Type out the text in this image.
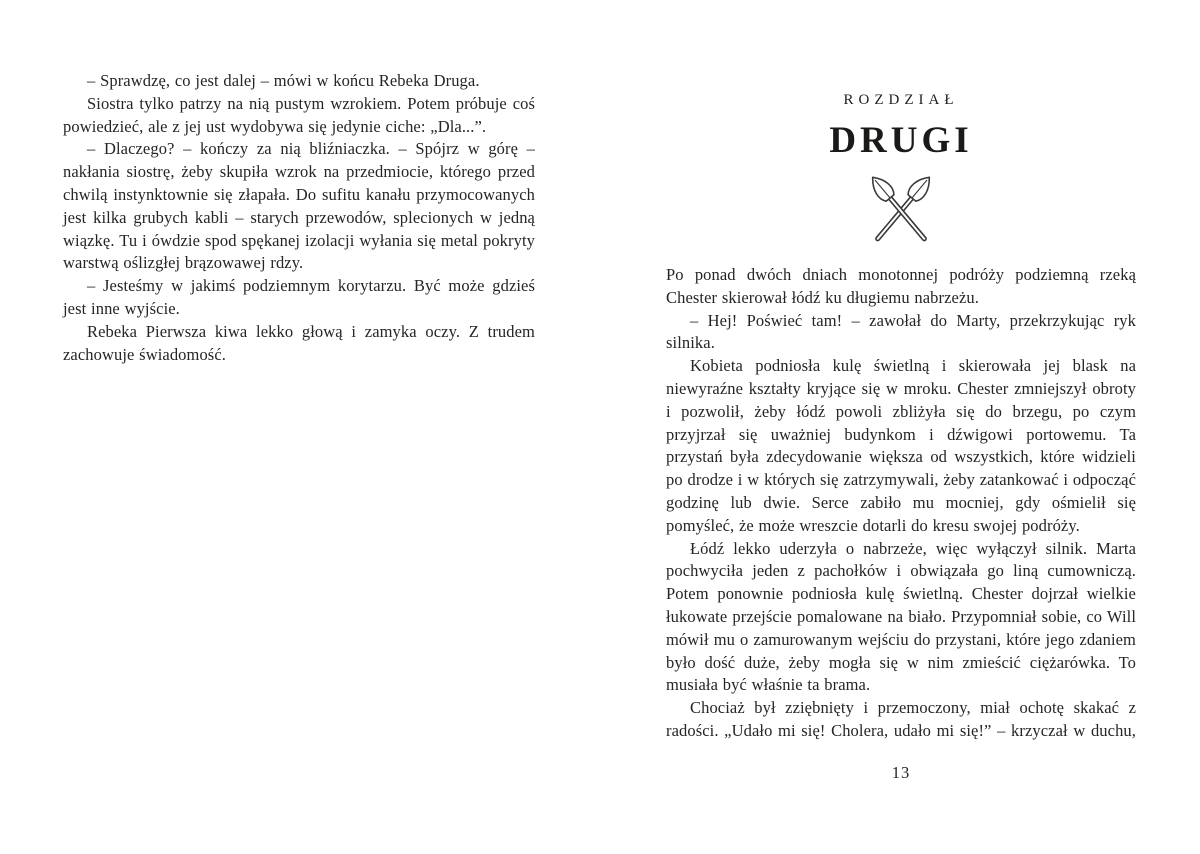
– Sprawdzę, co jest dalej – mówi w końcu Rebeka Druga.

Siostra tylko patrzy na nią pustym wzrokiem. Potem próbuje coś powiedzieć, ale z jej ust wydobywa się jedynie ciche: „Dla...”.

– Dlaczego? – kończy za nią bliźniaczka. – Spójrz w górę – nakłania siostrę, żeby skupiła wzrok na przedmiocie, którego przed chwilą instynktownie się złapała. Do sufitu kanału przymocowanych jest kilka grubych kabli – starych przewodów, splecionych w jedną wiązkę. Tu i ówdzie spod spękanej izolacji wyłania się metal pokryty warstwą oślizgłej brązowawej rdzy.

– Jesteśmy w jakimś podziemnym korytarzu. Być może gdzieś jest inne wyjście.

Rebeka Pierwsza kiwa lekko głową i zamyka oczy. Z trudem zachowuje świadomość.

ROZDZIAŁ
DRUGI

Po ponad dwóch dniach monotonnej podróży podziemną rzeką Chester skierował łódź ku długiemu nabrzeżu.

– Hej! Poświeć tam! – zawołał do Marty, przekrzykując ryk silnika.

Kobieta podniosła kulę świetlną i skierowała jej blask na niewyraźne kształty kryjące się w mroku. Chester zmniejszył obroty i pozwolił, żeby łódź powoli zbliżyła się do brzegu, po czym przyjrzał się uważniej budynkom i dźwigowi portowemu. Ta przystań była zdecydowanie większa od wszystkich, które widzieli po drodze i w których się zatrzymywali, żeby zatankować i odpocząć godzinę lub dwie. Serce zabiło mu mocniej, gdy ośmielił się pomyśleć, że może wreszcie dotarli do kresu swojej podróży.

Łódź lekko uderzyła o nabrzeże, więc wyłączył silnik. Marta pochwyciła jeden z pachołków i obwiązała go liną cumowniczą. Potem ponownie podniosła kulę świetlną. Chester dojrzał wielkie łukowate przejście pomalowane na biało. Przypomniał sobie, co Will mówił mu o zamurowanym wejściu do przystani, które jego zdaniem było dość duże, żeby mogła się w nim zmieścić ciężarówka. To musiała być właśnie ta brama.

Chociaż był zziębnięty i przemoczony, miał ochotę skakać z radości. „Udało mi się! Cholera, udało mi się!” – krzyczał w duchu,

13
